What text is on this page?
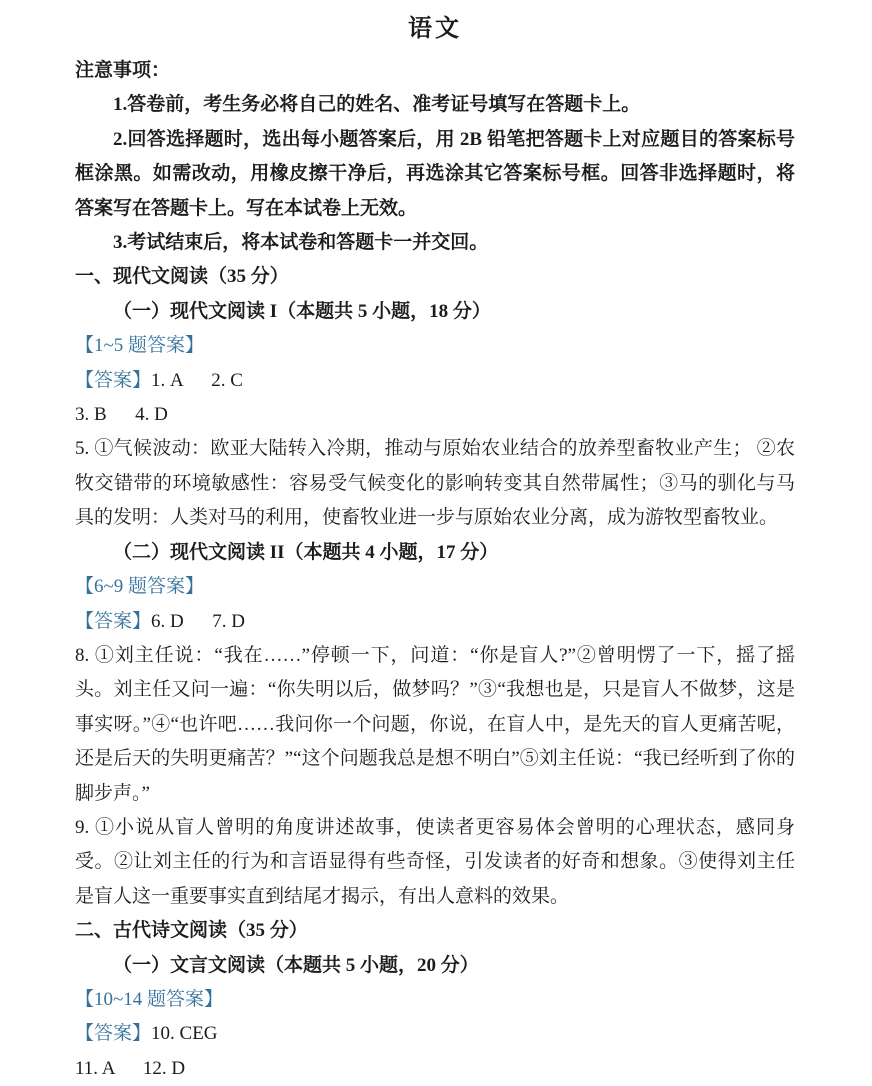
语文

注意事项：

1.答卷前，考生务必将自己的姓名、准考证号填写在答题卡上。

2.回答选择题时，选出每小题答案后，用 2B 铅笔把答题卡上对应题目的答案标号框涂黑。如需改动，用橡皮擦干净后，再选涂其它答案标号框。回答非选择题时，将答案写在答题卡上。写在本试卷上无效。

3.考试结束后，将本试卷和答题卡一并交回。

一、现代文阅读（35 分）

（一）现代文阅读 I（本题共 5 小题，18 分）

【1~5 题答案】

【答案】1. A      2. C

3. B      4. D

5. ①气候波动：欧亚大陆转入冷期，推动与原始农业结合的放养型畜牧业产生； ②农牧交错带的环境敏感性：容易受气候变化的影响转变其自然带属性；③马的驯化与马具的发明：人类对马的利用，使畜牧业进一步与原始农业分离，成为游牧型畜牧业。

（二）现代文阅读 II（本题共 4 小题，17 分）

【6~9 题答案】

【答案】6. D      7. D

8. ①刘主任说：“我在……”停顿一下，问道：“你是盲人?”②曾明愣了一下，摇了摇头。刘主任又问一遍：“你失明以后，做梦吗？”③“我想也是，只是盲人不做梦，这是事实呀。”④“也许吧……我问你一个问题，你说，在盲人中，是先天的盲人更痛苦呢，还是后天的失明更痛苦？”“这个问题我总是想不明白”⑤刘主任说：“我已经听到了你的脚步声。”

9. ①小说从盲人曾明的角度讲述故事，使读者更容易体会曾明的心理状态，感同身受。②让刘主任的行为和言语显得有些奇怪，引发读者的好奇和想象。③使得刘主任是盲人这一重要事实直到结尾才揭示，有出人意料的效果。

二、古代诗文阅读（35 分）

（一）文言文阅读（本题共 5 小题，20 分）

【10~14 题答案】

【答案】10. CEG

11. A      12. D
